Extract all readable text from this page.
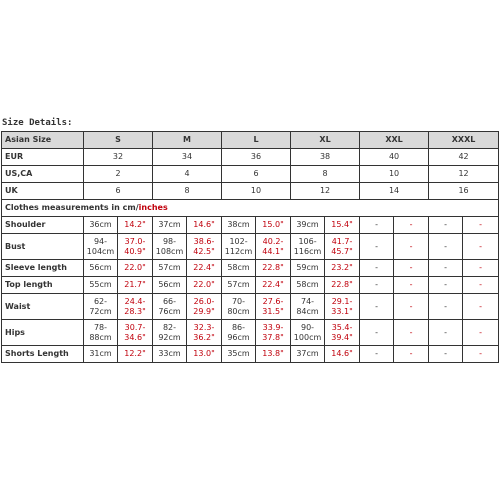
Size Details:
Asian Size	S		M		L		XL		XXL		XXXL	
EUR	32		34		36		38		40		42	
US,CA	2		4		6		8		10		12	
UK	6		8		10		12		14		16	
Clothes measurements in cm/inches												
Shoulder	36cm	14.2"	37cm	14.6"	38cm	15.0"	39cm	15.4"	-	-	-	-
Bust	94-
104cm	37.0-
40.9"	98-
108cm	38.6-
42.5"	102-
112cm	40.2-
44.1"	106-
116cm	41.7-
45.7"	-	-	-	-
Sleeve length	56cm	22.0"	57cm	22.4"	58cm	22.8"	59cm	23.2"	-	-	-	-
Top length	55cm	21.7"	56cm	22.0"	57cm	22.4"	58cm	22.8"	-	-	-	-
Waist	62-
72cm	24.4-
28.3"	66-
76cm	26.0-
29.9"	70-
80cm	27.6-
31.5"	74-
84cm	29.1-
33.1"	-	-	-	-
Hips	78-
88cm	30.7-
34.6"	82-
92cm	32.3-
36.2"	86-
96cm	33.9-
37.8"	90-
100cm	35.4-
39.4"	-	-	-	-
Shorts Length	31cm	12.2"	33cm	13.0"	35cm	13.8"	37cm	14.6"	-	-	-	-
